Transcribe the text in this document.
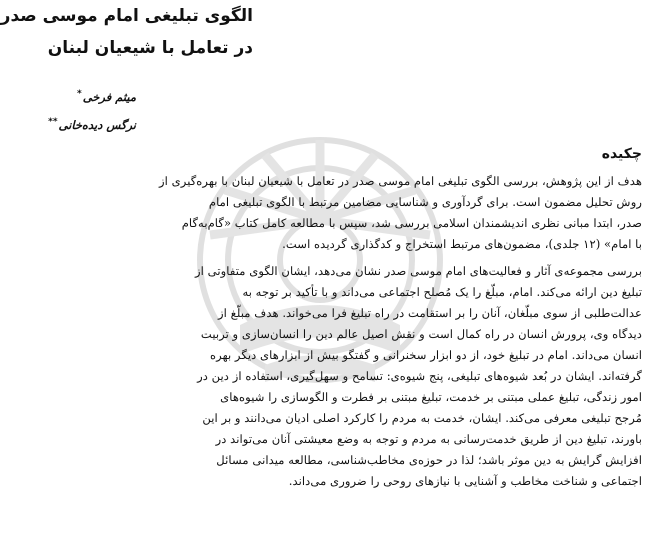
الگوی تبلیغی امام موسی صدر
در تعامل با شیعیان لبنان
میثم فرخی*
نرگس دیده‌خانی**
چکیده
هدف از این پژوهش، بررسی الگوی تبلیغی امام موسی صدر در تعامل با شیعیان لبنان با بهره‌گیری از
روش تحلیل مضمون است. برای گردآوری و شناسایی مضامین مرتبط با الگوی تبلیغی امام
صدر، ابتدا مبانی نظری اندیشمندان اسلامی بررسی شد، سپس با مطالعه کامل کتاب «گام‌به‌گام
با امام» (۱۲ جلدی)، مضمون‌های مرتبط استخراج و کدگذاری گردیده است.
بررسی مجموعه‌ی آثار و فعالیت‌های امام موسی صدر نشان می‌دهد، ایشان الگوی متفاوتی از
تبلیغ دین ارائه می‌کند. امام، مبلّغ را یک مُصلح اجتماعی می‌داند و با تأکید بر توجه به
عدالت‌طلبی از سوی مبلّغان، آنان را بر استقامت در راه تبلیغ فرا می‌خواند. هدف مبلّغ از
دیدگاه وی، پرورش انسان در راه کمال است و نقش اصیل عالم دین را انسان‌سازی و تربیت
انسان می‌داند. امام در تبلیغ خود، از دو ابزار سخنرانی و گفتگو بیش از ابزارهای دیگر بهره
گرفته‌اند. ایشان در بُعد شیوه‌های تبلیغی، پنج شیوه‌ی: تسامح و سهل‌گیری، استفاده از دین در
امور زندگی، تبلیغ عملی مبتنی بر خدمت، تبلیغ مبتنی بر فطرت و الگوسازی را شیوه‌های
مُرجح تبلیغی معرفی می‌کند. ایشان، خدمت به مردم را کارکرد اصلی ادیان می‌دانند و بر این
باورند، تبلیغ دین از طریق خدمت‌رسانی به مردم و توجه به وضع معیشتی آنان می‌تواند در
افزایش گرایش به دین موثر باشد؛ لذا در حوزه‌ی مخاطب‌شناسی، مطالعه میدانی مسائل
اجتماعی و شناخت مخاطب و آشنایی با نیازهای روحی را ضروری می‌داند.
